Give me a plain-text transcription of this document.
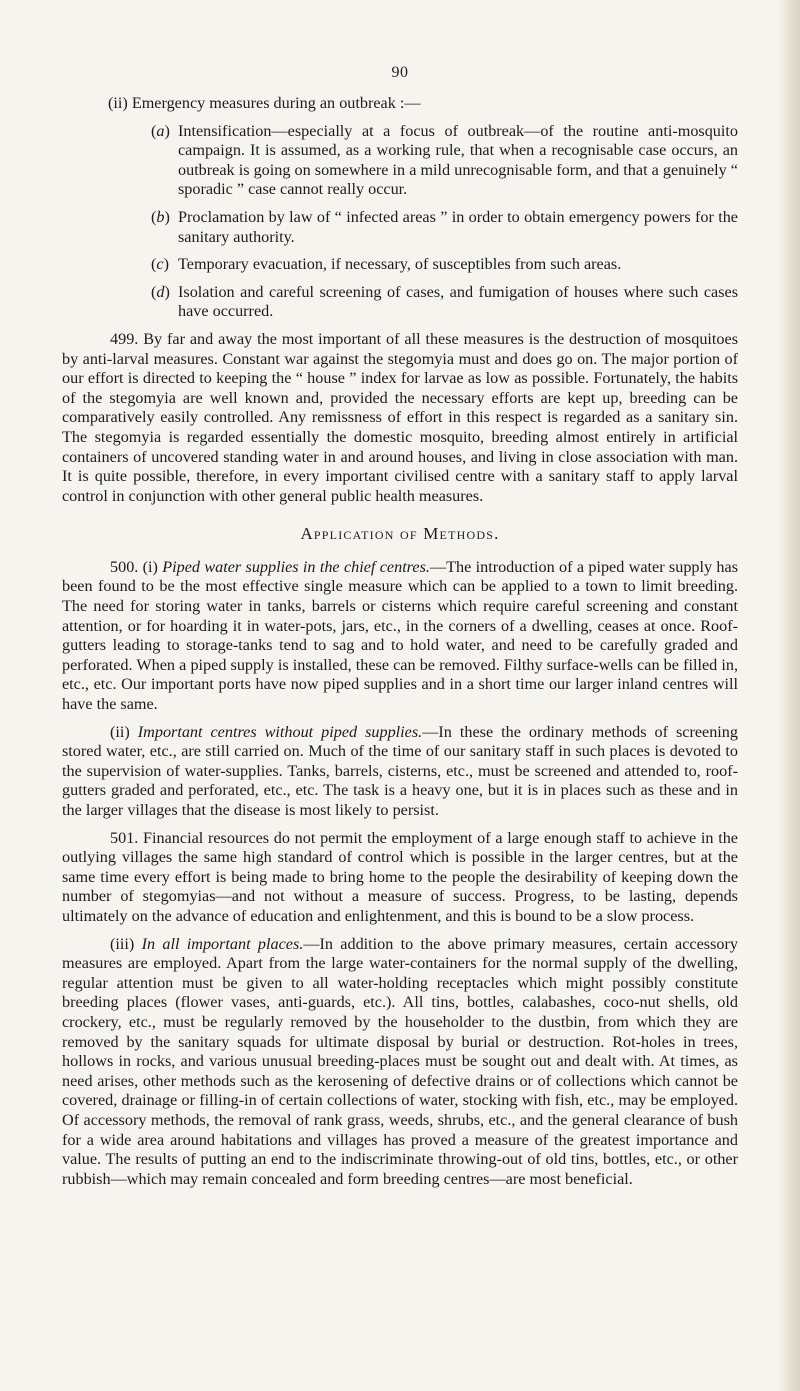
90

(ii) Emergency measures during an outbreak :—

(a) Intensification—especially at a focus of outbreak—of the routine anti-mosquito campaign. It is assumed, as a working rule, that when a recognisable case occurs, an outbreak is going on somewhere in a mild unrecognisable form, and that a genuinely “ sporadic ” case cannot really occur.

(b) Proclamation by law of “ infected areas ” in order to obtain emergency powers for the sanitary authority.

(c) Temporary evacuation, if necessary, of susceptibles from such areas.

(d) Isolation and careful screening of cases, and fumigation of houses where such cases have occurred.

499. By far and away the most important of all these measures is the destruction of mosquitoes by anti-larval measures. Constant war against the stegomyia must and does go on. The major portion of our effort is directed to keeping the “ house ” index for larvae as low as possible. Fortunately, the habits of the stegomyia are well known and, provided the necessary efforts are kept up, breeding can be comparatively easily controlled. Any remissness of effort in this respect is regarded as a sanitary sin. The stegomyia is regarded essentially the domestic mosquito, breeding almost entirely in artificial containers of uncovered standing water in and around houses, and living in close association with man. It is quite possible, therefore, in every important civilised centre with a sanitary staff to apply larval control in conjunction with other general public health measures.

Application of Methods.

500. (i) Piped water supplies in the chief centres.—The introduction of a piped water supply has been found to be the most effective single measure which can be applied to a town to limit breeding. The need for storing water in tanks, barrels or cisterns which require careful screening and constant attention, or for hoarding it in water-pots, jars, etc., in the corners of a dwelling, ceases at once. Roof-gutters leading to storage-tanks tend to sag and to hold water, and need to be carefully graded and perforated. When a piped supply is installed, these can be removed. Filthy surface-wells can be filled in, etc., etc. Our important ports have now piped supplies and in a short time our larger inland centres will have the same.

(ii) Important centres without piped supplies.—In these the ordinary methods of screening stored water, etc., are still carried on. Much of the time of our sanitary staff in such places is devoted to the supervision of water-supplies. Tanks, barrels, cisterns, etc., must be screened and attended to, roof-gutters graded and perforated, etc., etc. The task is a heavy one, but it is in places such as these and in the larger villages that the disease is most likely to persist.

501. Financial resources do not permit the employment of a large enough staff to achieve in the outlying villages the same high standard of control which is possible in the larger centres, but at the same time every effort is being made to bring home to the people the desirability of keeping down the number of stegomyias—and not without a measure of success. Progress, to be lasting, depends ultimately on the advance of education and enlightenment, and this is bound to be a slow process.

(iii) In all important places.—In addition to the above primary measures, certain accessory measures are employed. Apart from the large water-containers for the normal supply of the dwelling, regular attention must be given to all water-holding receptacles which might possibly constitute breeding places (flower vases, anti-guards, etc.). All tins, bottles, calabashes, coco-nut shells, old crockery, etc., must be regularly removed by the householder to the dustbin, from which they are removed by the sanitary squads for ultimate disposal by burial or destruction. Rot-holes in trees, hollows in rocks, and various unusual breeding-places must be sought out and dealt with. At times, as need arises, other methods such as the kerosening of defective drains or of collections which cannot be covered, drainage or filling-in of certain collections of water, stocking with fish, etc., may be employed. Of accessory methods, the removal of rank grass, weeds, shrubs, etc., and the general clearance of bush for a wide area around habitations and villages has proved a measure of the greatest importance and value. The results of putting an end to the indiscriminate throwing-out of old tins, bottles, etc., or other rubbish—which may remain concealed and form breeding centres—are most beneficial.
